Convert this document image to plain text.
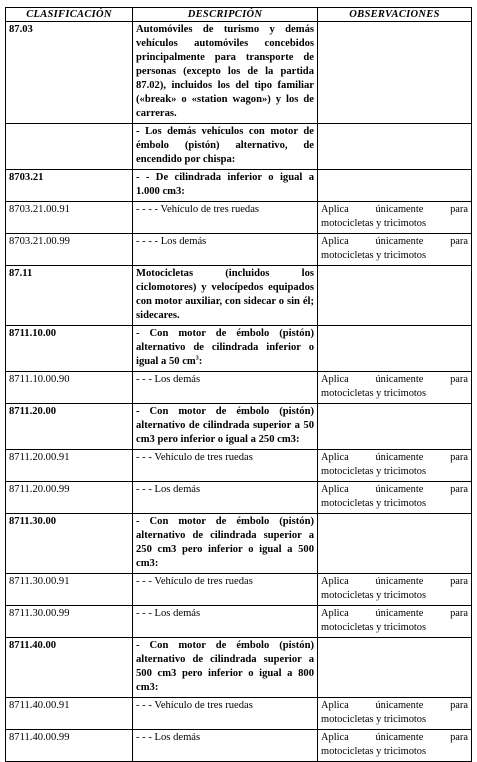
CLASIFICACIÓN	DESCRIPCIÓN	OBSERVACIONES
87.03	Automóviles de turismo y demás vehículos automóviles concebidos principalmente para transporte de personas (excepto los de la partida 87.02), incluidos los del tipo familiar («break» o «station wagon») y los de carreras.	
	- Los demás vehículos con motor de émbolo (pistón) alternativo, de encendido por chispa:	
8703.21	- - De cilindrada inferior o igual a 1.000 cm3:	
8703.21.00.91	- - - - Vehículo de tres ruedas	Aplica únicamente para motocicletas y tricimotos
8703.21.00.99	- - - - Los demás	Aplica únicamente para motocicletas y tricimotos
87.11	Motocicletas (incluidos los ciclomotores) y velocípedos equipados con motor auxiliar, con sidecar o sin él; sidecares.	
8711.10.00	- Con motor de émbolo (pistón) alternativo de cilindrada inferior o igual a 50 $cm^3$:	
8711.10.00.90	- - - Los demás	Aplica únicamente para motocicletas y tricimotos
8711.20.00	- Con motor de émbolo (pistón) alternativo de cilindrada superior a 50 cm3 pero inferior o igual a 250 cm3:	
8711.20.00.91	- - - Vehículo de tres ruedas	Aplica únicamente para motocicletas y tricimotos
8711.20.00.99	- - - Los demás	Aplica únicamente para motocicletas y tricimotos
8711.30.00	- Con motor de émbolo (pistón) alternativo de cilindrada superior a 250 cm3 pero inferior o igual a 500 cm3:	
8711.30.00.91	- - - Vehículo de tres ruedas	Aplica únicamente para motocicletas y tricimotos
8711.30.00.99	- - - Los demás	Aplica únicamente para motocicletas y tricimotos
8711.40.00	- Con motor de émbolo (pistón) alternativo de cilindrada superior a 500 cm3 pero inferior o igual a 800 cm3:	
8711.40.00.91	- - - Vehículo de tres ruedas	Aplica únicamente para motocicletas y tricimotos
8711.40.00.99	- - - Los demás	Aplica únicamente para motocicletas y tricimotos
